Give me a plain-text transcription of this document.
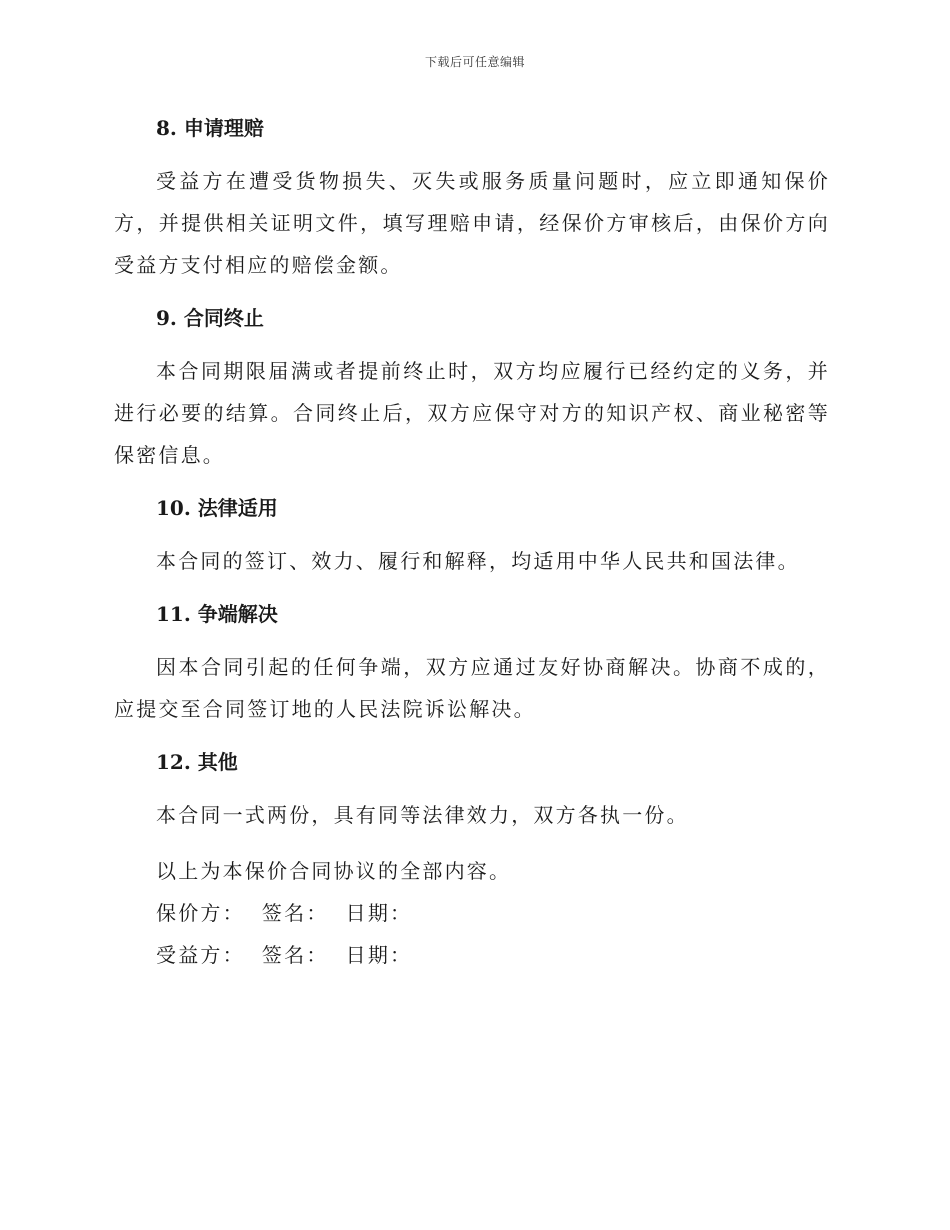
下载后可任意编辑
8. 申请理赔

受益方在遭受货物损失、灭失或服务质量问题时，应立即通知保价方，并提供相关证明文件，填写理赔申请，经保价方审核后，由保价方向受益方支付相应的赔偿金额。

9. 合同终止

本合同期限届满或者提前终止时，双方均应履行已经约定的义务，并进行必要的结算。合同终止后，双方应保守对方的知识产权、商业秘密等保密信息。

10. 法律适用

本合同的签订、效力、履行和解释，均适用中华人民共和国法律。

11. 争端解决

因本合同引起的任何争端，双方应通过友好协商解决。协商不成的，应提交至合同签订地的人民法院诉讼解决。

12. 其他

本合同一式两份，具有同等法律效力，双方各执一份。

以上为本保价合同协议的全部内容。

保价方：  签名：  日期：

受益方：  签名：  日期：
